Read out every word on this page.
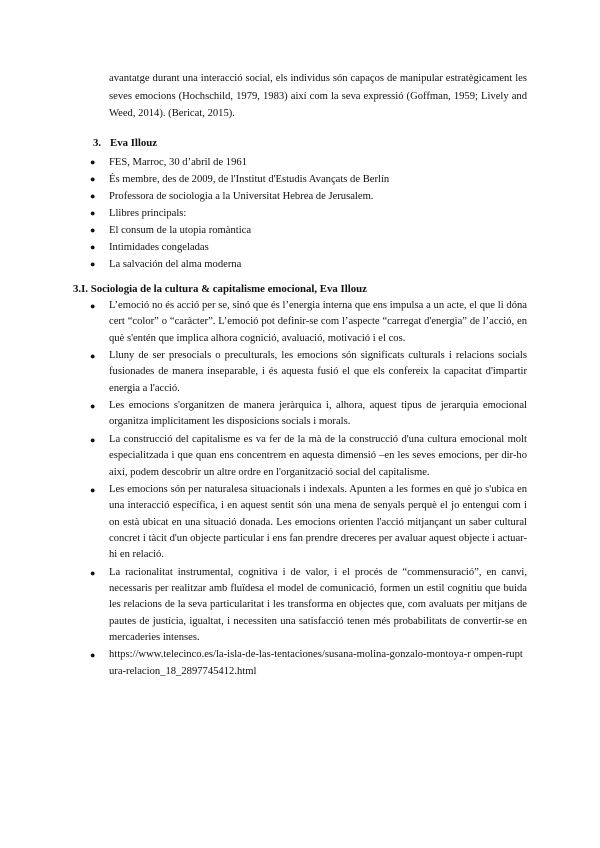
avantatge durant una interacció social, els individus són capaços de manipular estratègicament les seves emocions (Hochschild, 1979, 1983) així com la seva expressió (Goffman, 1959; Lively and Weed, 2014). (Bericat, 2015).

3. Eva Illouz
● FES, Marroc, 30 d’abril de 1961
● És membre, des de 2009, de l'Institut d'Estudis Avançats de Berlín
● Professora de sociologia a la Universitat Hebrea de Jerusalem.
● Llibres principals:
● El consum de la utopia romàntica
● Intimidades congeladas
● La salvación del alma moderna
3.I. Sociologia de la cultura & capitalisme emocional, Eva Illouz
● L’emoció no és acció per se, sinó que és l’energia interna que ens impulsa a un acte, el que li dóna cert “color” o “caràcter”. L’emoció pot definir-se com l’aspecte “carregat d'energia” de l’acció, en què s'entén que implica alhora cognició, avaluació, motivació i el cos.
● Lluny de ser presocials o preculturals, les emocions són significats culturals i relacions socials fusionades de manera inseparable, i és aquesta fusió el que els confereix la capacitat d'impartir energia a l'acció.
● Les emocions s'organitzen de manera jeràrquica i, alhora, aquest tipus de jerarquia emocional organitza implícitament les disposicions socials i morals.
● La construcció del capitalisme es va fer de la mà de la construcció d'una cultura emocional molt especialitzada i que quan ens concentrem en aquesta dimensió –en les seves emocions, per dir-ho així, podem descobrir un altre ordre en l'organització social del capitalisme.
● Les emocions són per naturalesa situacionals i indexals. Apunten a les formes en què jo s'ubica en una interacció específica, i en aquest sentit són una mena de senyals perquè el jo entengui com i on està ubicat en una situació donada. Les emocions orienten l'acció mitjançant un saber cultural concret i tàcit d'un objecte particular i ens fan prendre dreceres per avaluar aquest objecte i actuar-hi en relació.
● La racionalitat instrumental, cognitiva i de valor, i el procés de “commensuració”, en canvi, necessaris per realitzar amb fluïdesa el model de comunicació, formen un estil cognitiu que buida les relacions de la seva particularitat i les transforma en objectes que, com avaluats per mitjans de pautes de justícia, igualtat, i necessiten una satisfacció tenen més probabilitats de convertir-se en mercaderies intenses.
● https://www.telecinco.es/la-isla-de-las-tentaciones/susana-molina-gonzalo-montoya-r ompen-ruptura-relacion_18_2897745412.html
